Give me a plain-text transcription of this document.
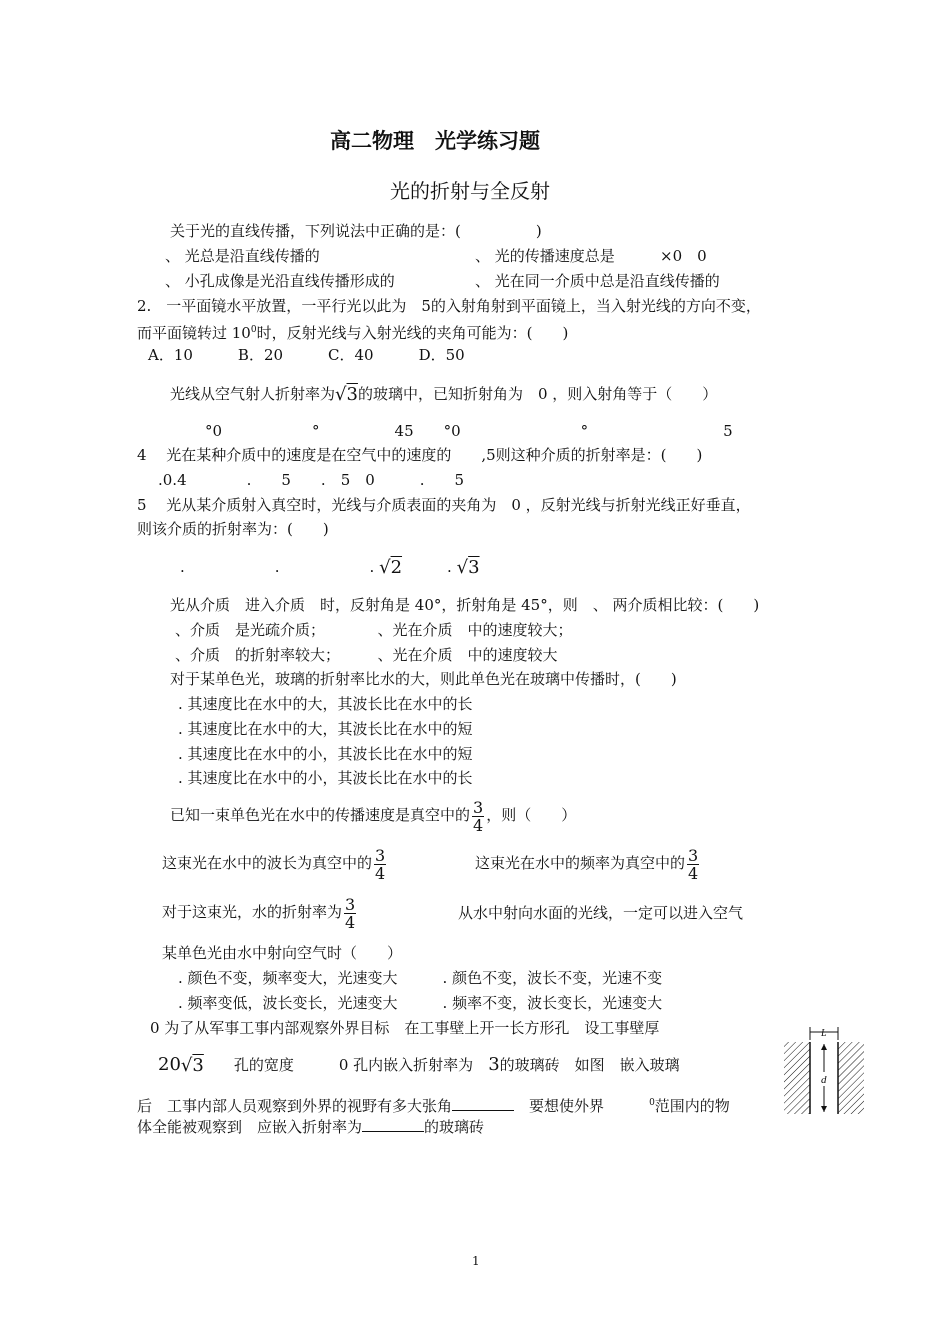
高二物理　光学练习题
光的折射与全反射
关于光的直线传播，下列说法中正确的是：(　　　　　)
、 光总是沿直线传播的	、 光的传播速度总是	×0　0
、 小孔成像是光沿直线传播形成的	、 光在同一介质中总是沿直线传播的
2.　一平面镜水平放置，一平行光以此为　5的入射角射到平面镜上，当入射光线的方向不变，
而平面镜转过 $10^0$时，反射光线与入射光线的夹角可能为：(　　)
A．10　　　B．20　　　C．40　　　D．50
光线从空气射人折射率为√3的玻璃中，已知折射角为　0 ，则入射角等于（　　）
°0　　　　　　°　　　　　45　　°0　　　　　　　　°　　　　　　　　　5
4　 光在某种介质中的速度是在空气中的速度的　　,5则这种介质的折射率是：(　　)
.0.4　　　　.　　5　　.　5　0　　　.　　5
5　 光从某介质射入真空时，光线与介质表面的夹角为　0 ，反射光线与折射光线正好垂直，
则该介质的折射率为：(　　)
.　　　　　　.　　　　　　. √2　　　	. √3
光从介质　进入介质　时，反射角是 40°，折射角是 45°，则　、 两介质相比较：(　　)
、介质　是光疏介质；　　　　、光在介质　中的速度较大；
、介质　的折射率较大；　　　、光在介质　中的速度较大
对于某单色光，玻璃的折射率比水的大，则此单色光在玻璃中传播时，(　　)
. 其速度比在水中的大，其波长比在水中的长
. 其速度比在水中的大，其波长比在水中的短
. 其速度比在水中的小，其波长比在水中的短
. 其速度比在水中的小，其波长比在水中的长
已知一束单色光在水中的传播速度是真空中的 $\frac{3}{4}$ ，则（　　）
这束光在水中的波长为真空中的 $\frac{3}{4}$	这束光在水中的频率为真空中的 $\frac{3}{4}$
对于这束光，水的折射率为 $\frac{3}{4}$	从水中射向水面的光线，一定可以进入空气
某单色光由水中射向空气时（　　）
. 颜色不变，频率变大，光速变大　　　. 颜色不变，波长不变，光速不变
. 频率变低，波长变长，光速变大　　　. 频率不变，波长变长，光速变大
0 为了从军事工事内部观察外界目标　在工事壁上开一长方形孔　设工事壁厚
20√3　　 孔的宽度　　　0 孔内嵌入折射率为　 3的玻璃砖　如图　嵌入玻璃
后　工事内部人员观察到外界的视野有多大张角　	要想使外界　　　	$^0$范围内的物
体全能被观察到　应嵌入折射率为	的玻璃砖
L
d
1
